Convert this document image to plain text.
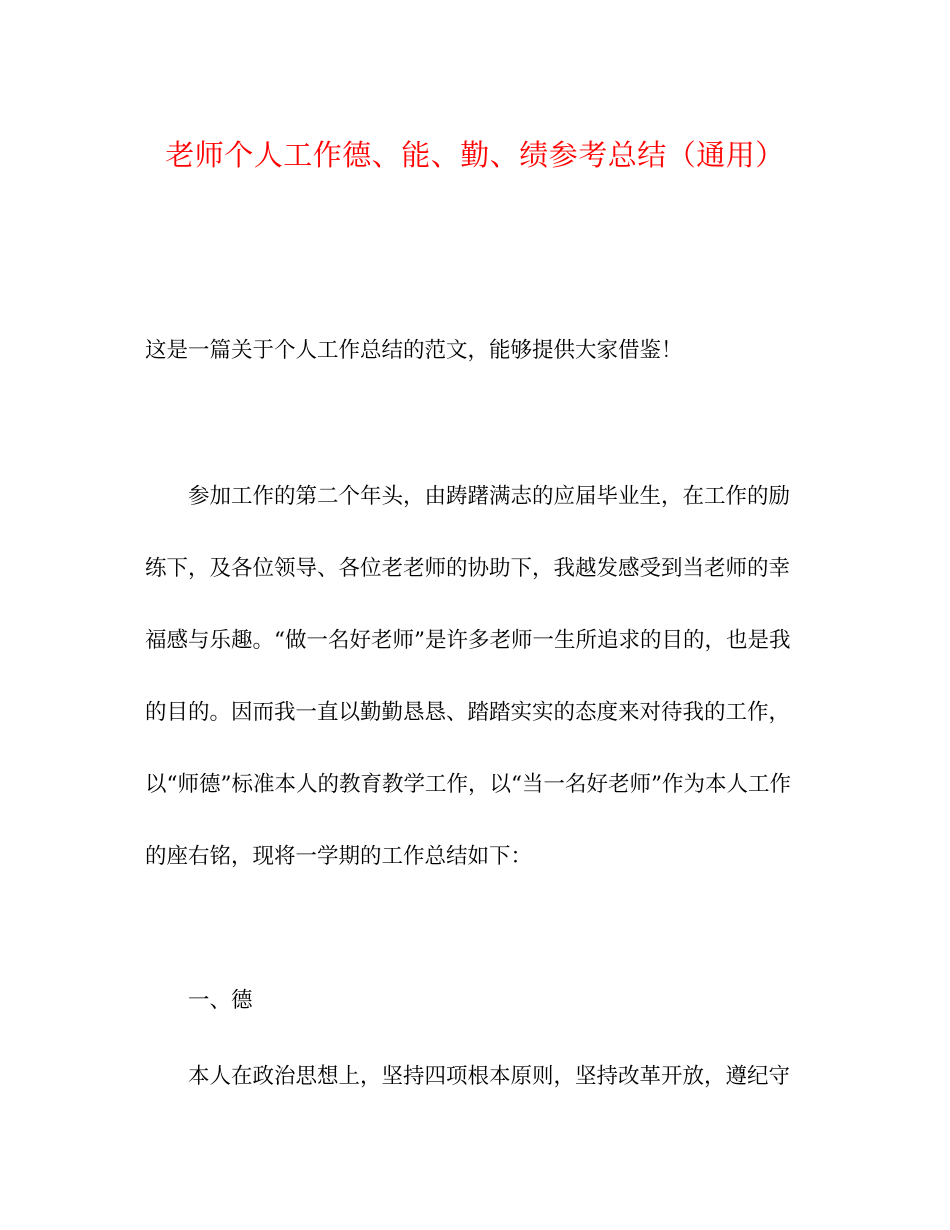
老师个人工作德、能、勤、绩参考总结（通用）
这是一篇关于个人工作总结的范文，能够提供大家借鉴！
参加工作的第二个年头，由踌躇满志的应届毕业生，在工作的励
练下，及各位领导、各位老老师的协助下，我越发感受到当老师的幸
福感与乐趣。“做一名好老师”是许多老师一生所追求的目的，也是我
的目的。因而我一直以勤勤恳恳、踏踏实实的态度来对待我的工作，
以“师德”标准本人的教育教学工作，以“当一名好老师”作为本人工作
的座右铭，现将一学期的工作总结如下：
一、德
本人在政治思想上，坚持四项根本原则，坚持改革开放，遵纪守
